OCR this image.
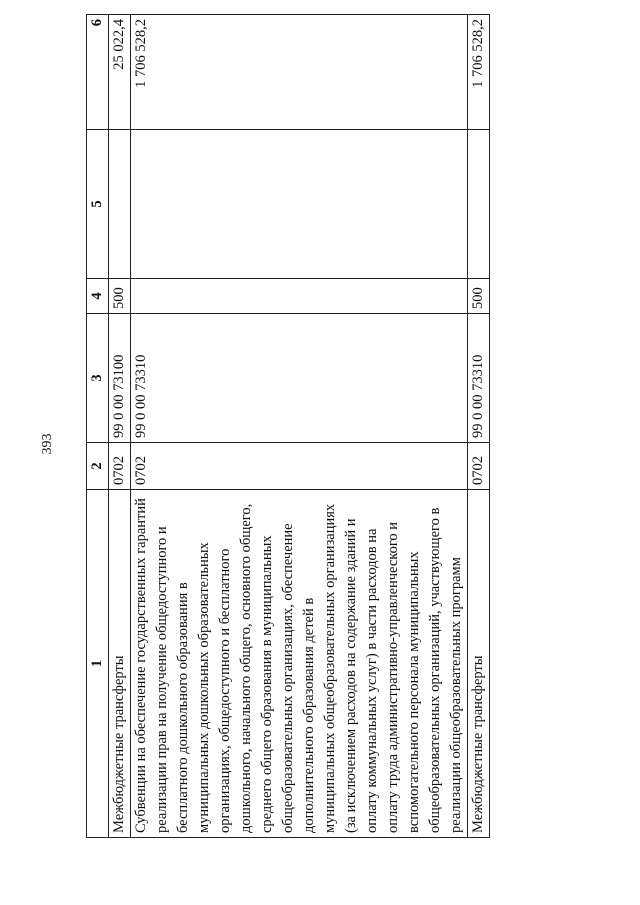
393
1	2	3	4	5	6
Межбюджетные трансферты	0702	99 0 00 73100	500		25 022,4
Субвенции на обеспечение государственных гарантий реализации прав на получение общедоступного и бесплатного дошкольного образования в муниципальных дошкольных образовательных организациях, общедоступного и бесплатного дошкольного, начального общего, основного общего, среднего общего образования в муниципальных общеобразовательных организациях, обеспечение дополнительного образования детей в муниципальных общеобразовательных организациях (за исключением расходов на содержание зданий и оплату коммунальных услуг) в части расходов на оплату труда административно-управленческого и вспомогательного персонала муниципальных общеобразовательных организаций, участвующего в реализации общеобразовательных программ	0702	99 0 00 73310			1 706 528,2
Межбюджетные трансферты	0702	99 0 00 73310	500		1 706 528,2
